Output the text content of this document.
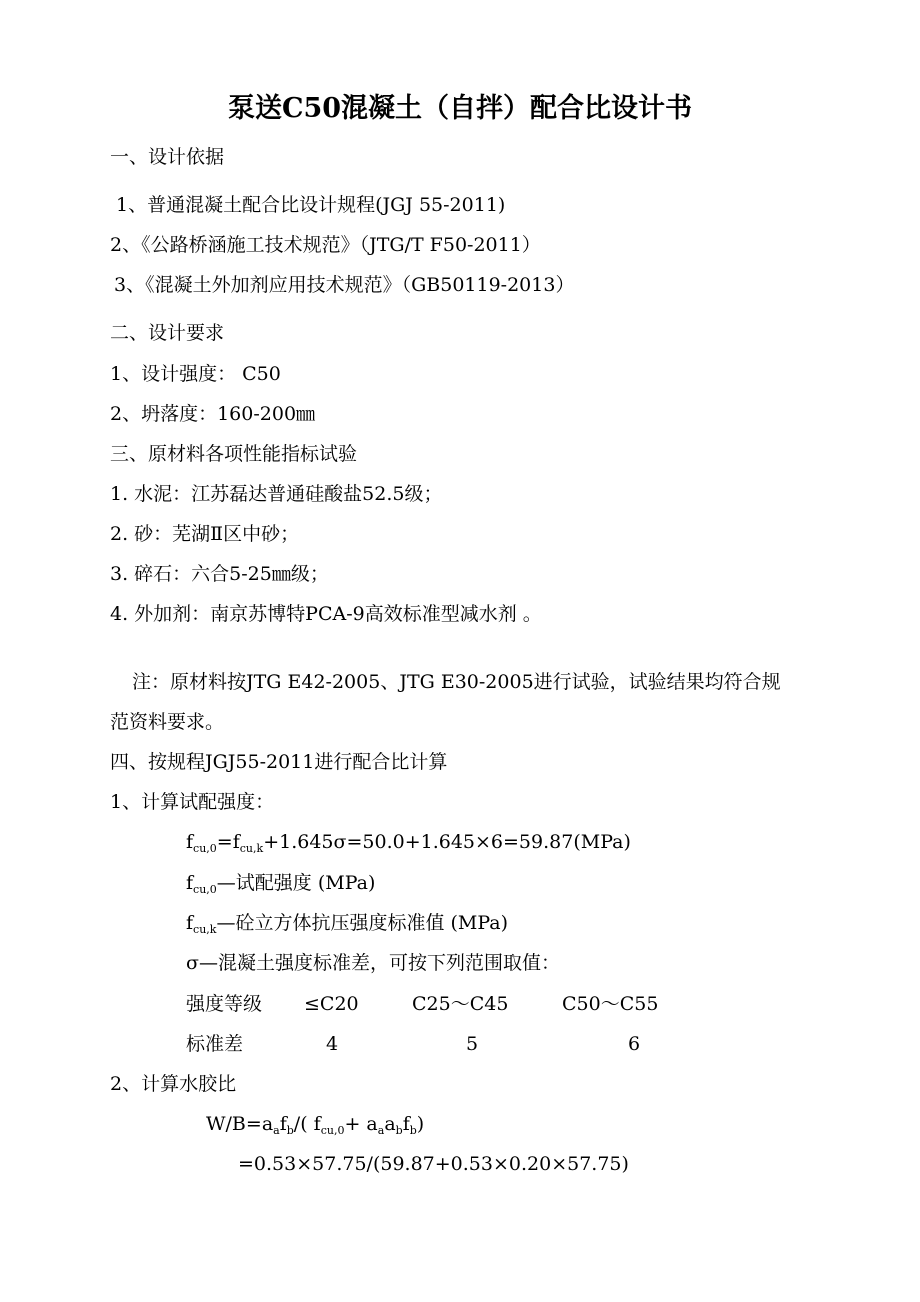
泵送C50混凝土（自拌）配合比设计书
一、设计依据
1、普通混凝土配合比设计规程(JGJ 55-2011)
2、《公路桥涵施工技术规范》（JTG/T F50-2011）
3、《混凝土外加剂应用技术规范》（GB50119-2013）
二、设计要求
1、设计强度： C50
2、坍落度：160-200㎜
三、原材料各项性能指标试验
1. 水泥：江苏磊达普通硅酸盐52.5级；
2. 砂：芜湖Ⅱ区中砂；
3. 碎石：六合5-25㎜级；
4. 外加剂：南京苏博特PCA-9高效标准型减水剂 。
注：原材料按JTG E42-2005、JTG E30-2005进行试验，试验结果均符合规
范资料要求。
四、按规程JGJ55-2011进行配合比计算
1、计算试配强度：
$f_{cu,0}=f_{cu,k}+1.645\sigma=50.0+1.645\times 6=59.87(MPa)$
$f_{cu,0}—$试配强度 (MPa)
$f_{cu,k}—$砼立方体抗压强度标准值 (MPa)
σ—混凝土强度标准差，可按下列范围取值：
强度等级 ≤C20	C25～C45	C50～C55
标准差	4	5	6
2、计算水胶比
$W/B=a_af_b/$( $f_{cu,0}+ a_aa_bf_b$)
=0.53×57.75/(59.87+0.53×0.20×57.75)
